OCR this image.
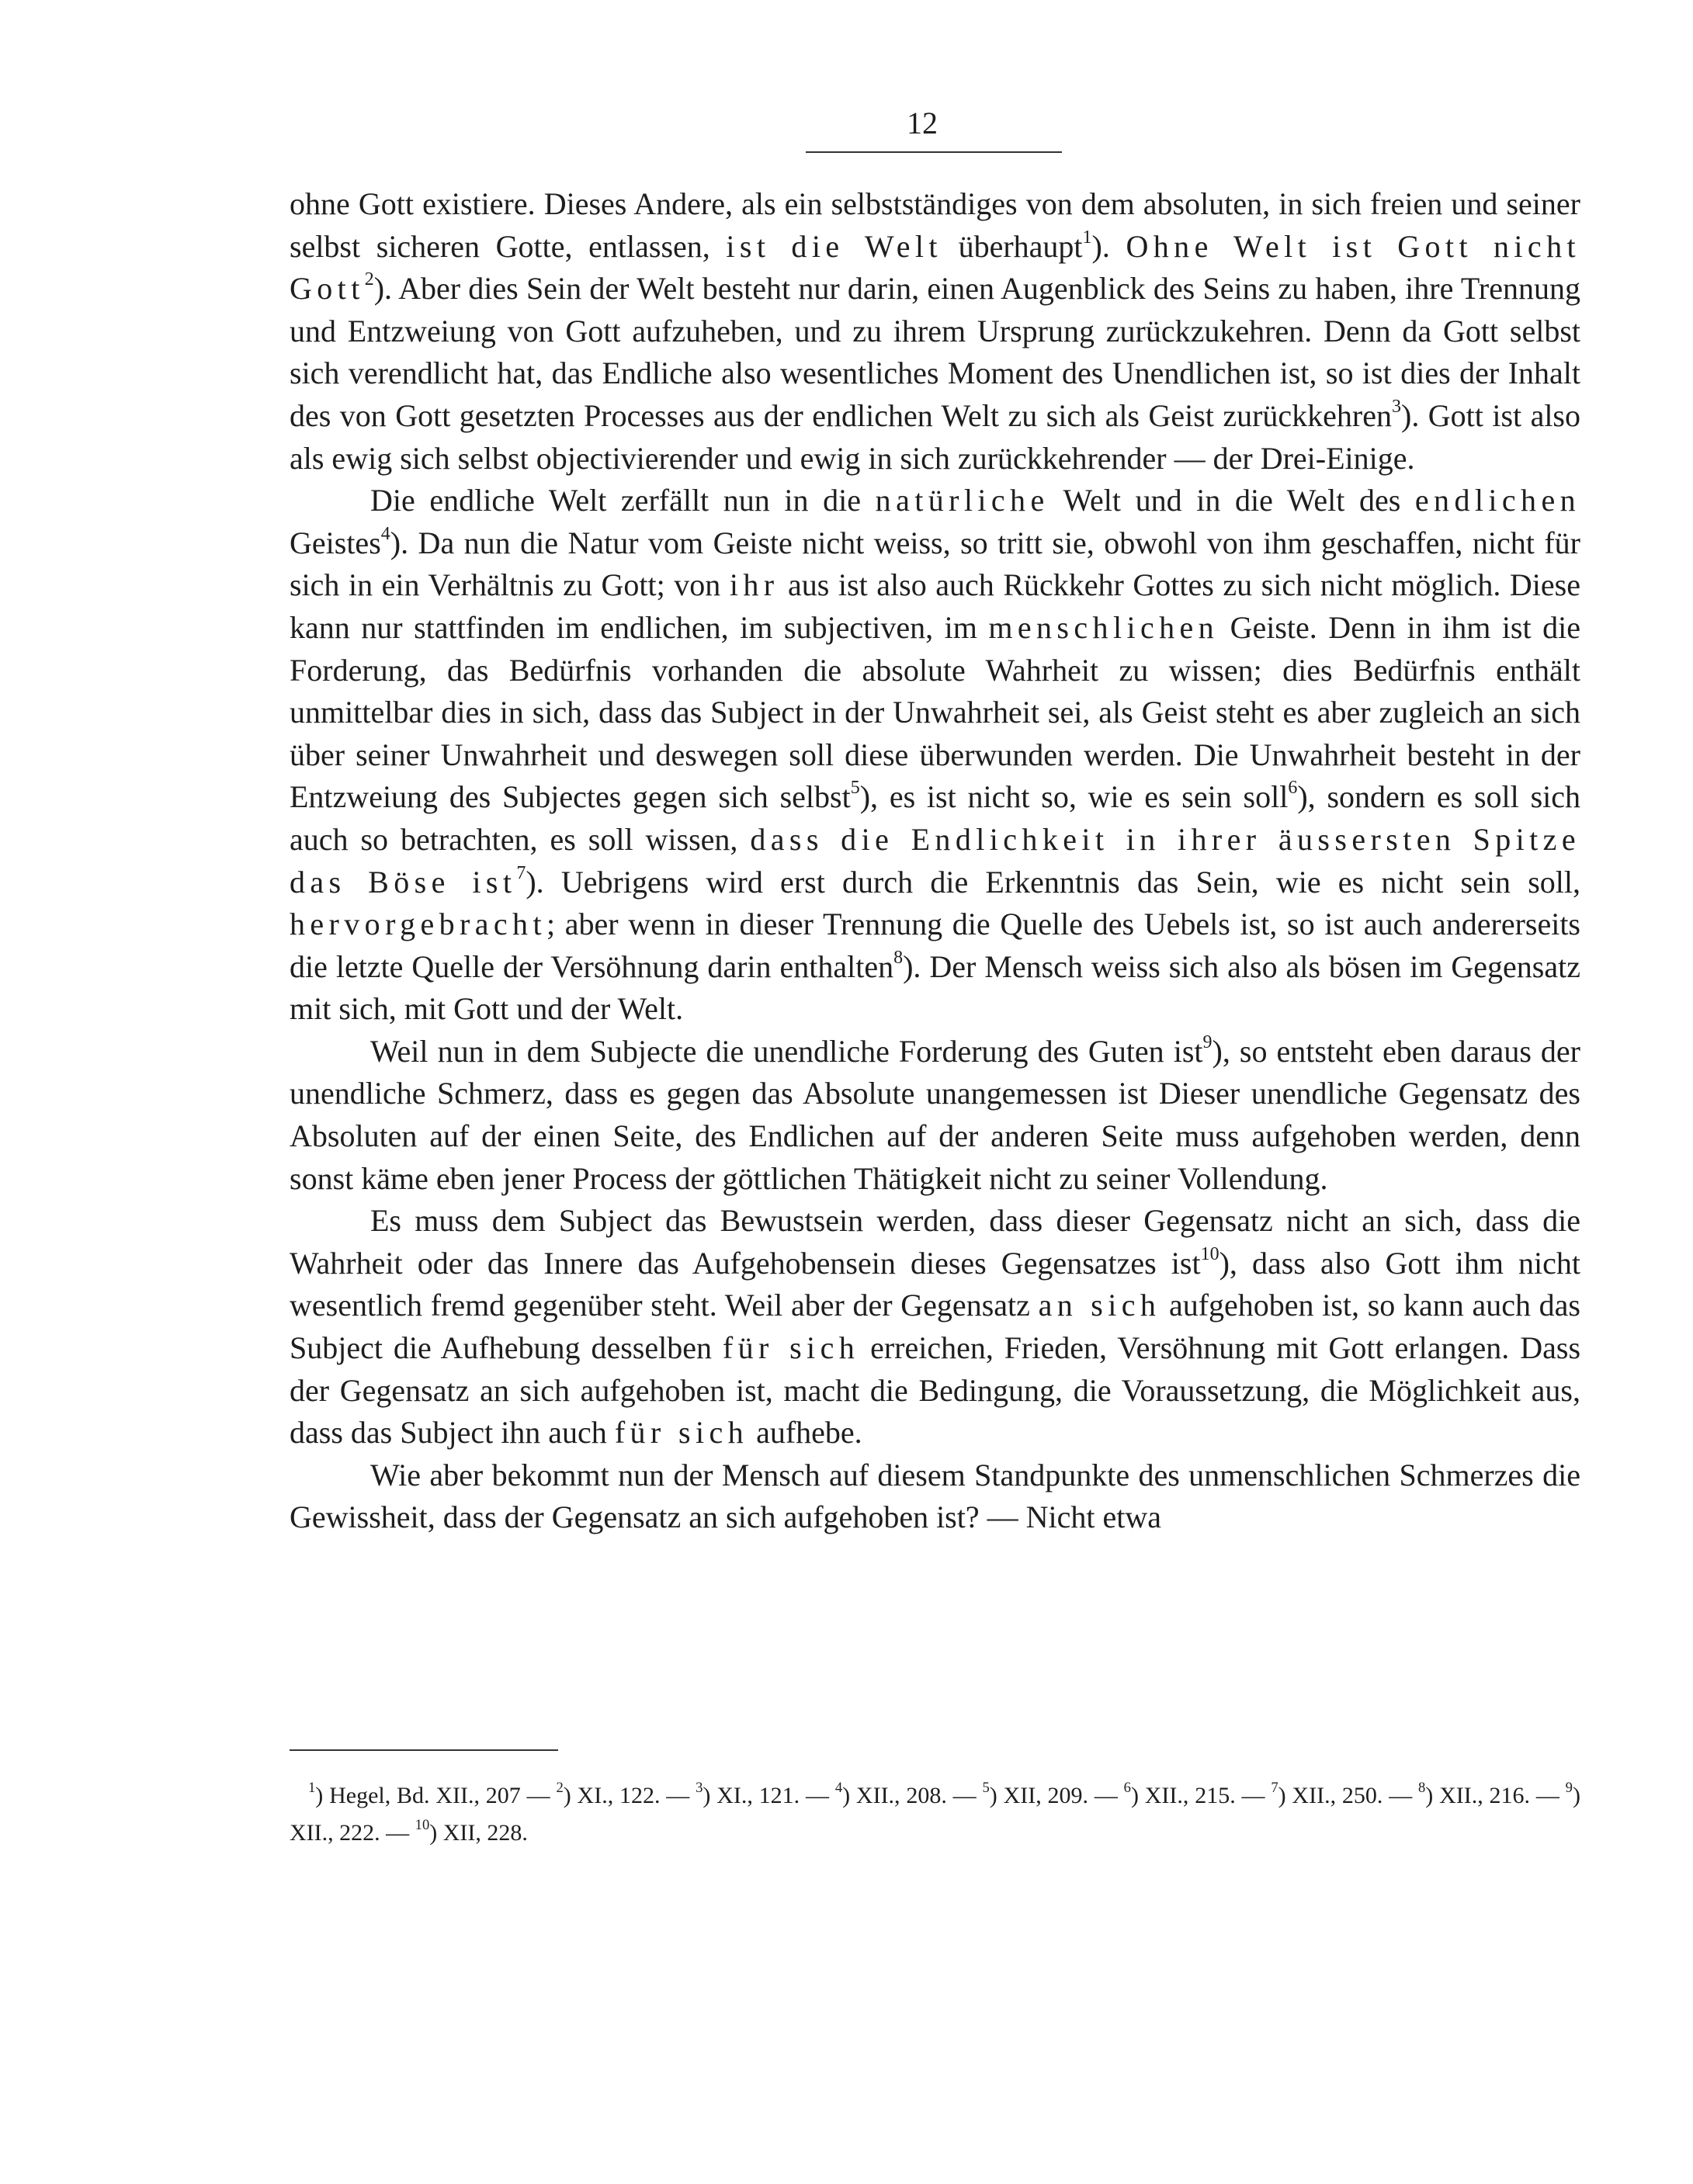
12

ohne Gott existiere. Dieses Andere, als ein selbstständiges von dem absoluten, in sich freien und seiner selbst sicheren Gotte, entlassen, ist die Welt überhaupt$^1$). Ohne Welt ist Gott nicht Gott$^2$). Aber dies Sein der Welt besteht nur darin, einen Augenblick des Seins zu haben, ihre Trennung und Entzweiung von Gott aufzuheben, und zu ihrem Ursprung zurückzukehren. Denn da Gott selbst sich verendlicht hat, das Endliche also wesentliches Moment des Unendlichen ist, so ist dies der Inhalt des von Gott gesetzten Processes aus der endlichen Welt zu sich als Geist zurückkehren$^3$). Gott ist also als ewig sich selbst objectivierender und ewig in sich zurückkehrender — der Drei-Einige.

Die endliche Welt zerfällt nun in die natürliche Welt und in die Welt des endlichen Geistes$^4$). Da nun die Natur vom Geiste nicht weiss, so tritt sie, obwohl von ihm geschaffen, nicht für sich in ein Verhältnis zu Gott; von ihr aus ist also auch Rückkehr Gottes zu sich nicht möglich. Diese kann nur stattfinden im endlichen, im subjectiven, im menschlichen Geiste. Denn in ihm ist die Forderung, das Bedürfnis vorhanden die absolute Wahrheit zu wissen; dies Bedürfnis enthält unmittelbar dies in sich, dass das Subject in der Unwahrheit sei, als Geist steht es aber zugleich an sich über seiner Unwahrheit und deswegen soll diese überwunden werden. Die Unwahrheit besteht in der Entzweiung des Subjectes gegen sich selbst$^5$), es ist nicht so, wie es sein soll$^6$), sondern es soll sich auch so betrachten, es soll wissen, dass die Endlichkeit in ihrer äussersten Spitze das Böse ist$^7$). Uebrigens wird erst durch die Erkenntnis das Sein, wie es nicht sein soll, hervorgebracht; aber wenn in dieser Trennung die Quelle des Uebels ist, so ist auch andererseits die letzte Quelle der Versöhnung darin enthalten$^8$). Der Mensch weiss sich also als bösen im Gegensatz mit sich, mit Gott und der Welt.

Weil nun in dem Subjecte die unendliche Forderung des Guten ist$^9$), so entsteht eben daraus der unendliche Schmerz, dass es gegen das Absolute unangemessen ist Dieser unendliche Gegensatz des Absoluten auf der einen Seite, des Endlichen auf der anderen Seite muss aufgehoben werden, denn sonst käme eben jener Process der göttlichen Thätigkeit nicht zu seiner Vollendung.

Es muss dem Subject das Bewustsein werden, dass dieser Gegensatz nicht an sich, dass die Wahrheit oder das Innere das Aufgehobensein dieses Gegensatzes ist$^{10}$), dass also Gott ihm nicht wesentlich fremd gegenüber steht. Weil aber der Gegensatz an sich aufgehoben ist, so kann auch das Subject die Aufhebung desselben für sich erreichen, Frieden, Versöhnung mit Gott erlangen. Dass der Gegensatz an sich aufgehoben ist, macht die Bedingung, die Voraussetzung, die Möglichkeit aus, dass das Subject ihn auch für sich aufhebe.

Wie aber bekommt nun der Mensch auf diesem Standpunkte des unmenschlichen Schmerzes die Gewissheit, dass der Gegensatz an sich aufgehoben ist? — Nicht etwa

$^1$) Hegel, Bd. XII., 207 — $^2$) XI., 122. — $^3$) XI., 121. — $^4$) XII., 208. — $^5$) XII, 209. — $^6$) XII., 215. — $^7$) XII., 250. — $^8$) XII., 216. — $^9$) XII., 222. — $^{10}$) XII, 228.
